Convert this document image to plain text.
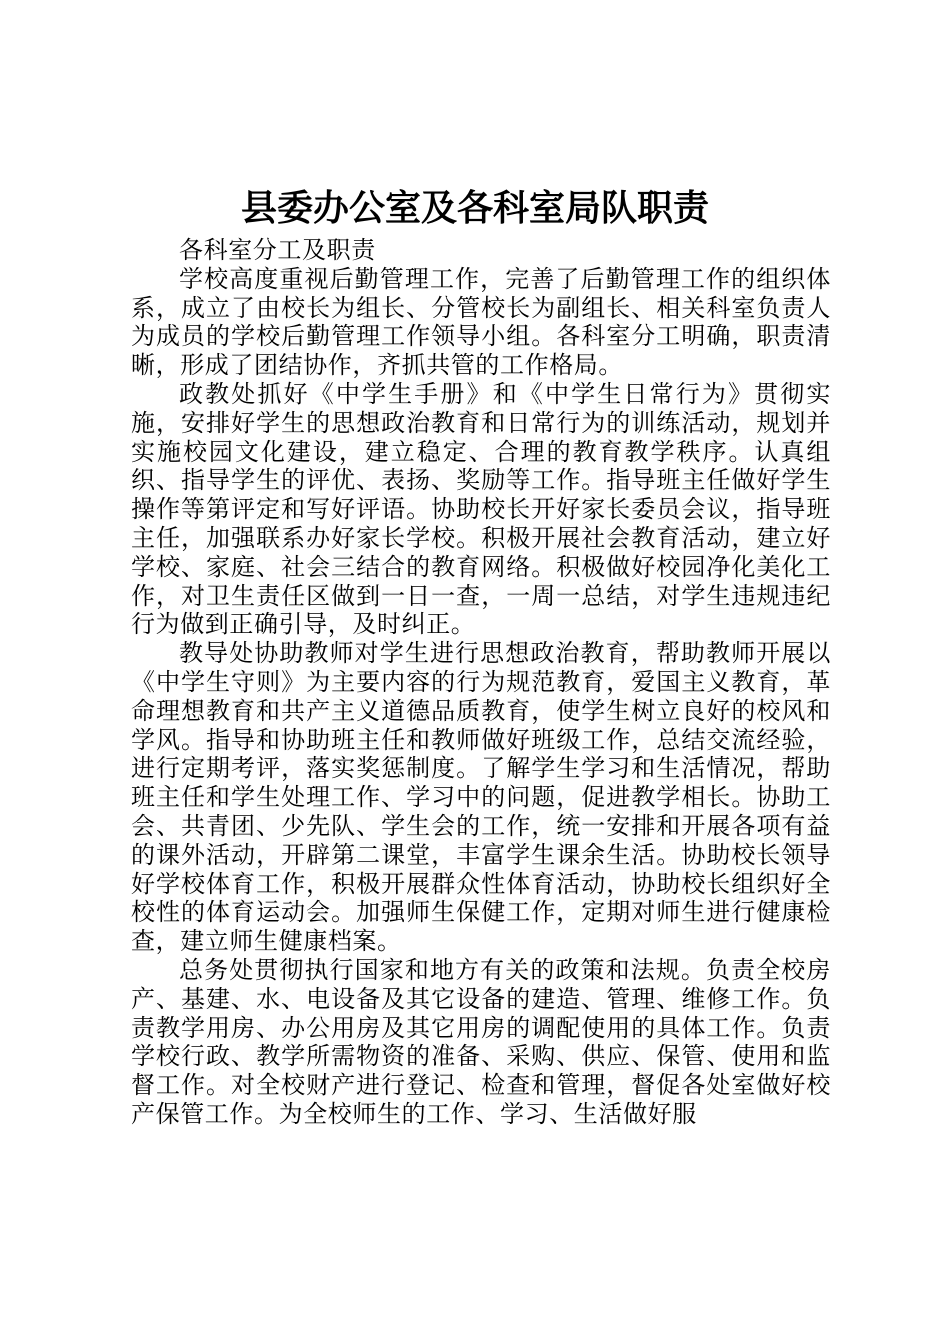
县委办公室及各科室局队职责

各科室分工及职责

学校高度重视后勤管理工作，完善了后勤管理工作的组织体系，成立了由校长为组长、分管校长为副组长、相关科室负责人为成员的学校后勤管理工作领导小组。各科室分工明确，职责清晰，形成了团结协作，齐抓共管的工作格局。

政教处抓好《中学生手册》和《中学生日常行为》贯彻实施，安排好学生的思想政治教育和日常行为的训练活动，规划并实施校园文化建设，建立稳定、合理的教育教学秩序。认真组织、指导学生的评优、表扬、奖励等工作。指导班主任做好学生操作等第评定和写好评语。协助校长开好家长委员会议，指导班主任，加强联系办好家长学校。积极开展社会教育活动，建立好学校、家庭、社会三结合的教育网络。积极做好校园净化美化工作，对卫生责任区做到一日一查，一周一总结，对学生违规违纪行为做到正确引导，及时纠正。

教导处协助教师对学生进行思想政治教育，帮助教师开展以《中学生守则》为主要内容的行为规范教育，爱国主义教育，革命理想教育和共产主义道德品质教育，使学生树立良好的校风和学风。指导和协助班主任和教师做好班级工作，总结交流经验，进行定期考评，落实奖惩制度。了解学生学习和生活情况，帮助班主任和学生处理工作、学习中的问题，促进教学相长。协助工会、共青团、少先队、学生会的工作，统一安排和开展各项有益的课外活动，开辟第二课堂，丰富学生课余生活。协助校长领导好学校体育工作，积极开展群众性体育活动，协助校长组织好全校性的体育运动会。加强师生保健工作，定期对师生进行健康检查，建立师生健康档案。

总务处贯彻执行国家和地方有关的政策和法规。负责全校房产、基建、水、电设备及其它设备的建造、管理、维修工作。负责教学用房、办公用房及其它用房的调配使用的具体工作。负责学校行政、教学所需物资的准备、采购、供应、保管、使用和监督工作。对全校财产进行登记、检查和管理，督促各处室做好校产保管工作。为全校师生的工作、学习、生活做好服
